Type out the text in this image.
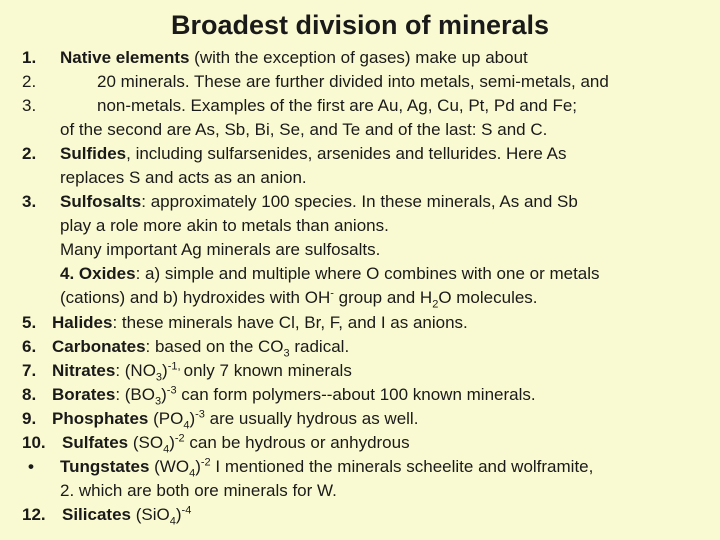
Broadest division of minerals
1. Native elements (with the exception of gases) make up about
2.	20 minerals. These are further divided into metals, semi-metals, and
3.	non-metals. Examples of the first are Au, Ag, Cu, Pt, Pd and Fe;
of the second are As, Sb, Bi, Se, and Te and of the last: S and C.
2. Sulfides, including sulfarsenides, arsenides and tellurides. Here As
replaces S and acts as an anion.
3. Sulfosalts: approximately 100 species. In these minerals, As and Sb
play a role more akin to metals than anions.
Many important Ag minerals are sulfosalts.
4. Oxides: a) simple and multiple where O combines with one or metals
(cations) and b) hydroxides with OH- group and $H_2O$ molecules.
5. Halides: these minerals have Cl, Br, F, and I as anions.
6. Carbonates: based on the $CO_3$ radical.
7. Nitrates: $(NO_3)^{-1,}$ only 7 known minerals
8. Borates: $(BO_3)^{-3}$ can form polymers--about 100 known minerals.
9. Phosphates $(PO_4)^{-3}$ are usually hydrous as well.
10. Sulfates $(SO_4)^{-2}$ can be hydrous or anhydrous
• Tungstates $(WO_4)^{-2}$ I mentioned the minerals scheelite and wolframite,
2. which are both ore minerals for W.
12. Silicates $(SiO_4)^{-4}$
